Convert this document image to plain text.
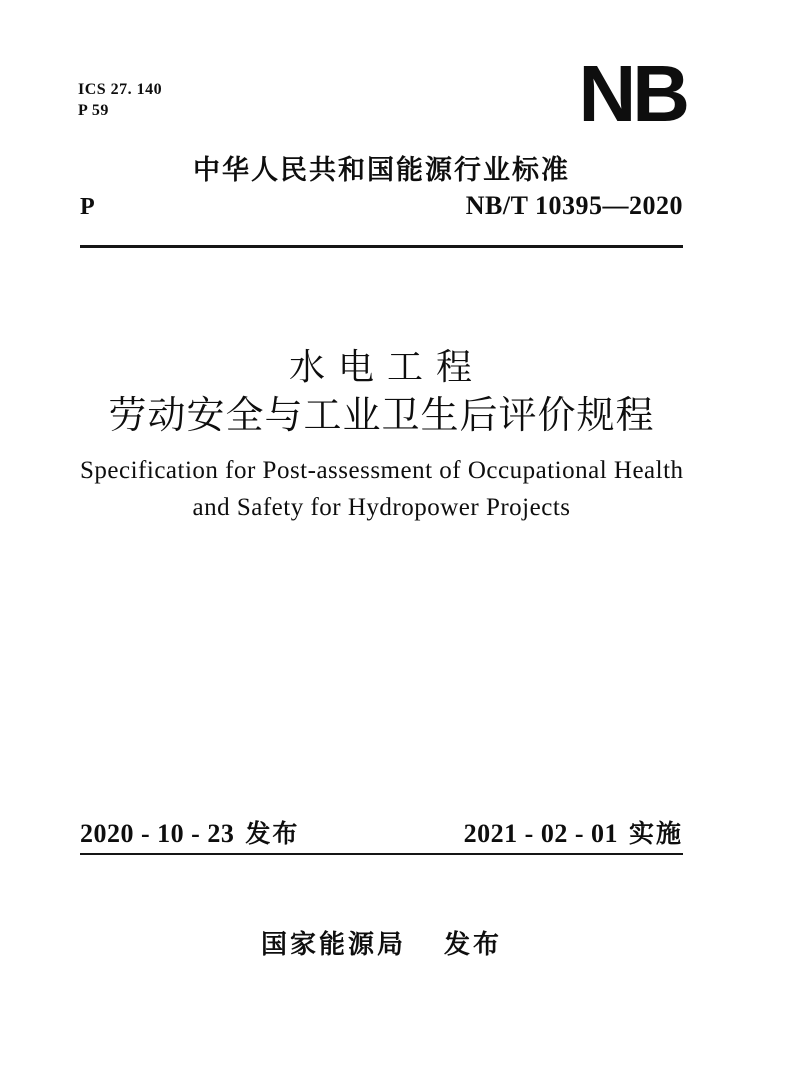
ICS 27. 140
P 59	NB
中华人民共和国能源行业标准
P	NB/T 10395—2020
水 电 工 程
劳动安全与工业卫生后评价规程
Specification for Post-assessment of Occupational Health
and Safety for Hydropower Projects
2020 - 10 - 23 发布	2021 - 02 - 01 实施
国家能源局 发布
